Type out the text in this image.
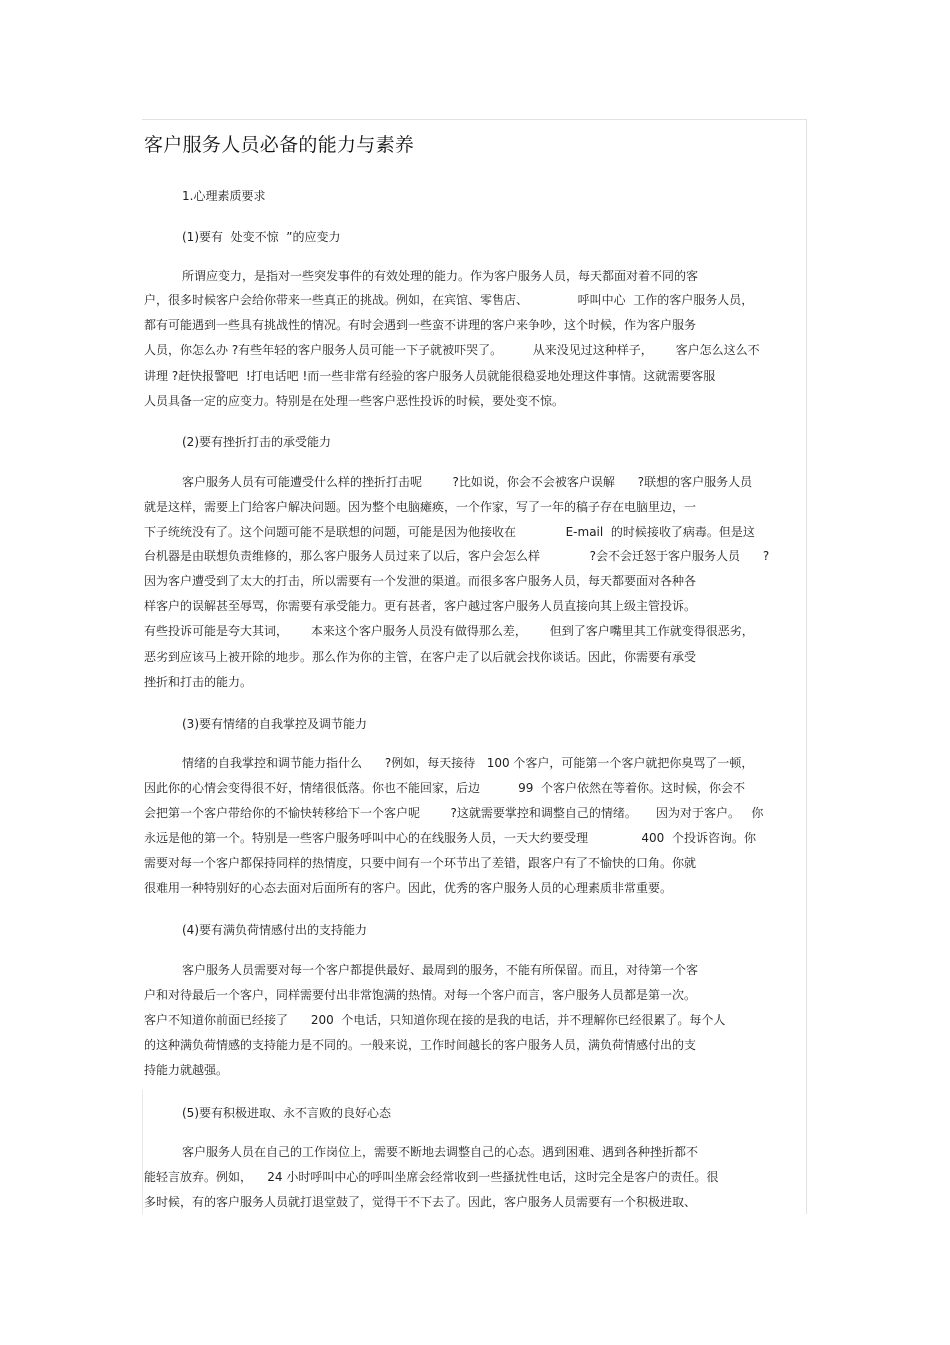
客户服务人员必备的能力与素养
1.心理素质要求
(1)要有  处变不惊  ”的应变力
所谓应变力，是指对一些突发事件的有效处理的能力。作为客户服务人员，每天都面对着不同的客
户，很多时候客户会给你带来一些真正的挑战。例如，在宾馆、零售店、             呼叫中心  工作的客户服务人员，
都有可能遇到一些具有挑战性的情况。有时会遇到一些蛮不讲理的客户来争吵，这个时候，作为客户服务
人员，你怎么办 ?有些年轻的客户服务人员可能一下子就被吓哭了。        从来没见过这种样子，      客户怎么这么不
讲理 ?赶快报警吧  !打电话吧 !而一些非常有经验的客户服务人员就能很稳妥地处理这件事情。这就需要客服
人员具备一定的应变力。特别是在处理一些客户恶性投诉的时候，要处变不惊。
(2)要有挫折打击的承受能力
客户服务人员有可能遭受什么样的挫折打击呢        ?比如说，你会不会被客户误解      ?联想的客户服务人员
就是这样，需要上门给客户解决问题。因为整个电脑瘫痪，一个作家，写了一年的稿子存在电脑里边，一
下子统统没有了。这个问题可能不是联想的问题，可能是因为他接收在             E-mail  的时候接收了病毒。但是这
台机器是由联想负责维修的，那么客户服务人员过来了以后，客户会怎么样             ?会不会迁怒于客户服务人员      ?
因为客户遭受到了太大的打击，所以需要有一个发泄的渠道。而很多客户服务人员，每天都要面对各种各
样客户的误解甚至辱骂，你需要有承受能力。更有甚者，客户越过客户服务人员直接向其上级主管投诉。
有些投诉可能是夸大其词，      本来这个客户服务人员没有做得那么差，      但到了客户嘴里其工作就变得很恶劣，
恶劣到应该马上被开除的地步。那么作为你的主管，在客户走了以后就会找你谈话。因此，你需要有承受
挫折和打击的能力。
(3)要有情绪的自我掌控及调节能力
情绪的自我掌控和调节能力指什么      ?例如，每天接待   100 个客户，可能第一个客户就把你臭骂了一顿，
因此你的心情会变得很不好，情绪很低落。你也不能回家，后边          99  个客户依然在等着你。这时候，你会不
会把第一个客户带给你的不愉快转移给下一个客户呢        ?这就需要掌控和调整自己的情绪。     因为对于客户。   你
永远是他的第一个。特别是一些客户服务呼叫中心的在线服务人员，一天大约要受理              400  个投诉咨询。你
需要对每一个客户都保持同样的热情度，只要中间有一个环节出了差错，跟客户有了不愉快的口角。你就
很难用一种特别好的心态去面对后面所有的客户。因此，优秀的客户服务人员的心理素质非常重要。
(4)要有满负荷情感付出的支持能力
客户服务人员需要对每一个客户都提供最好、最周到的服务，不能有所保留。而且，对待第一个客
户和对待最后一个客户，同样需要付出非常饱满的热情。对每一个客户而言，客户服务人员都是第一次。
客户不知道你前面已经接了      200  个电话，只知道你现在接的是我的电话，并不理解你已经很累了。每个人
的这种满负荷情感的支持能力是不同的。一般来说，工作时间越长的客户服务人员，满负荷情感付出的支
持能力就越强。
(5)要有积极进取、永不言败的良好心态
客户服务人员在自己的工作岗位上，需要不断地去调整自己的心态。遇到困难、遇到各种挫折都不
能轻言放弃。例如，    24 小时呼叫中心的呼叫坐席会经常收到一些搔扰性电话，这时完全是客户的责任。很
多时候，有的客户服务人员就打退堂鼓了，觉得干不下去了。因此，客户服务人员需要有一个积极进取、
